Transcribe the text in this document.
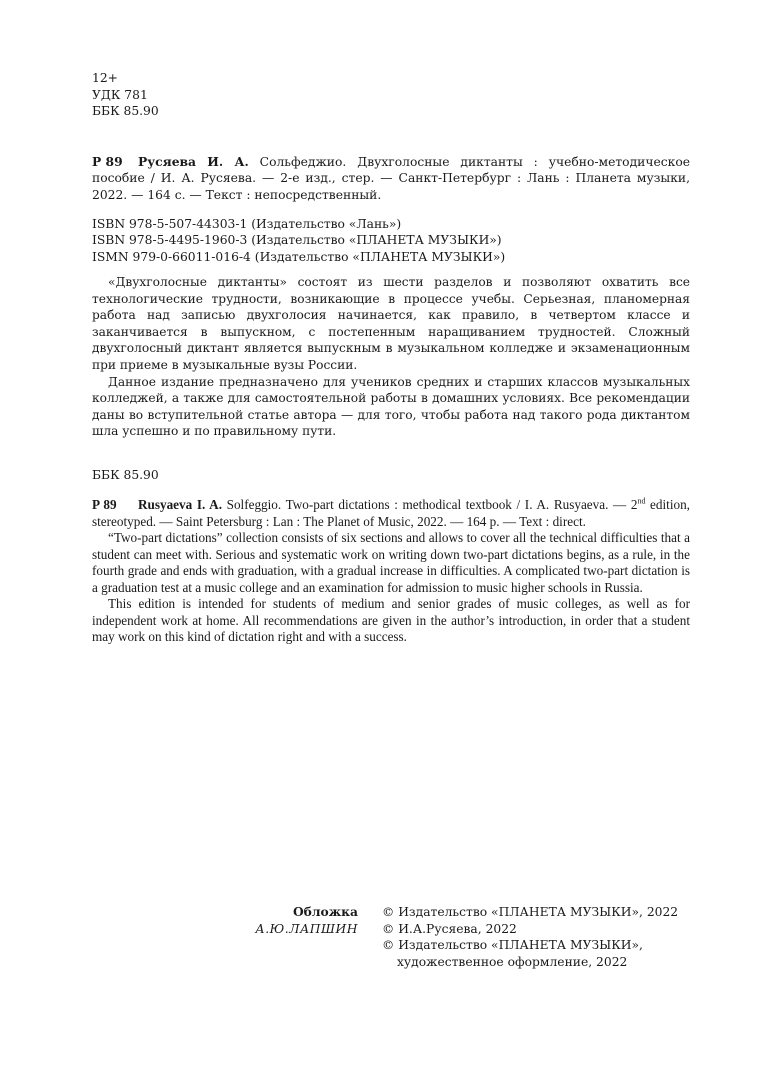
12+
УДК 781
ББК 85.90

Р 89 Русяева И. А. Сольфеджио. Двухголосные диктанты : учебно-методическое пособие / И. А. Русяева. — 2-е изд., стер. — Санкт-Петербург : Лань : Планета музыки, 2022. — 164 с. — Текст : непосредственный.

ISBN 978-5-507-44303-1 (Издательство «Лань»)
ISBN 978-5-4495-1960-3 (Издательство «ПЛАНЕТА МУЗЫКИ»)
ISMN 979-0-66011-016-4 (Издательство «ПЛАНЕТА МУЗЫКИ»)

«Двухголосные диктанты» состоят из шести разделов и позволяют охватить все технологические трудности, возникающие в процессе учебы. Серьезная, планомерная работа над записью двухголосия начинается, как правило, в четвертом классе и заканчивается в выпускном, с постепенным наращиванием трудностей. Сложный двухголосный диктант является выпускным в музыкальном колледже и экзаменационным при приеме в музыкальные вузы России.

Данное издание предназначено для учеников средних и старших классов музыкальных колледжей, а также для самостоятельной работы в домашних условиях. Все рекомендации даны во вступительной статье автора — для того, чтобы работа над такого рода диктантом шла успешно и по правильному пути.

ББК 85.90

Р 89 Rusyaeva I. A. Solfeggio. Two-part dictations : methodical textbook / I. A. Rusyaeva. — 2nd edition, stereotyped. — Saint Petersburg : Lan : The Planet of Music, 2022. — 164 p. — Text : direct.

“Two-part dictations” collection consists of six sections and allows to cover all the technical difficulties that a student can meet with. Serious and systematic work on writing down two-part dictations begins, as a rule, in the fourth grade and ends with graduation, with a gradual increase in difficulties. A complicated two-part dictation is a graduation test at a music college and an examination for admission to music higher schools in Russia.

This edition is intended for students of medium and senior grades of music colleges, as well as for independent work at home. All recommendations are given in the author’s introduction, in order that a student may work on this kind of dictation right and with a success.

Обложка
А.Ю.ЛАПШИН
© Издательство «ПЛАНЕТА МУЗЫКИ», 2022
© И.А.Русяева, 2022
© Издательство «ПЛАНЕТА МУЗЫКИ»,
художественное оформление, 2022
